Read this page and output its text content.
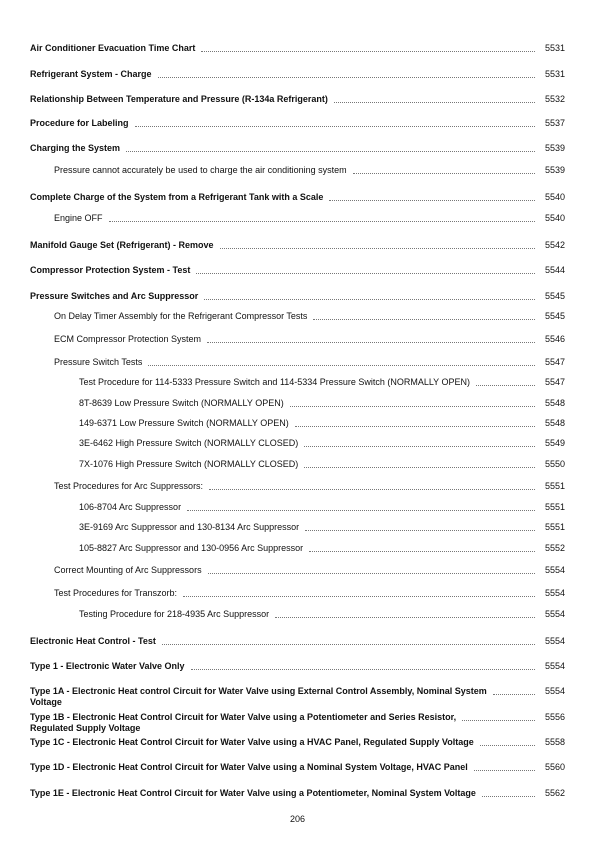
Air Conditioner Evacuation Time Chart	5531
Refrigerant System - Charge	5531
Relationship Between Temperature and Pressure (R-134a Refrigerant)	5532
Procedure for Labeling	5537
Charging the System	5539
Pressure cannot accurately be used to charge the air conditioning system	5539
Complete Charge of the System from a Refrigerant Tank with a Scale	5540
Engine OFF	5540
Manifold Gauge Set (Refrigerant) - Remove	5542
Compressor Protection System - Test	5544
Pressure Switches and Arc Suppressor	5545
On Delay Timer Assembly for the Refrigerant Compressor Tests	5545
ECM Compressor Protection System	5546
Pressure Switch Tests	5547
Test Procedure for 114-5333 Pressure Switch and 114-5334 Pressure Switch (NORMALLY OPEN)	5547
8T-8639 Low Pressure Switch (NORMALLY OPEN)	5548
149-6371 Low Pressure Switch (NORMALLY OPEN)	5548
3E-6462 High Pressure Switch (NORMALLY CLOSED)	5549
7X-1076 High Pressure Switch (NORMALLY CLOSED)	5550
Test Procedures for Arc Suppressors:	5551
106-8704 Arc Suppressor	5551
3E-9169 Arc Suppressor and 130-8134 Arc Suppressor	5551
105-8827 Arc Suppressor and 130-0956 Arc Suppressor	5552
Correct Mounting of Arc Suppressors	5554
Test Procedures for Transzorb:	5554
Testing Procedure for 218-4935 Arc Suppressor	5554
Electronic Heat Control - Test	5554
Type 1 - Electronic Water Valve Only	5554
Type 1A - Electronic Heat control Circuit for Water Valve using External Control Assembly, Nominal System
Voltage
5554
Type 1B - Electronic Heat Control Circuit for Water Valve using a Potentiometer and Series Resistor,
Regulated Supply Voltage
5556
Type 1C - Electronic Heat Control Circuit for Water Valve using a HVAC Panel, Regulated Supply Voltage	5558
Type 1D - Electronic Heat Control Circuit for Water Valve using a Nominal System Voltage, HVAC Panel	5560
Type 1E - Electronic Heat Control Circuit for Water Valve using a Potentiometer, Nominal System Voltage	5562
206
